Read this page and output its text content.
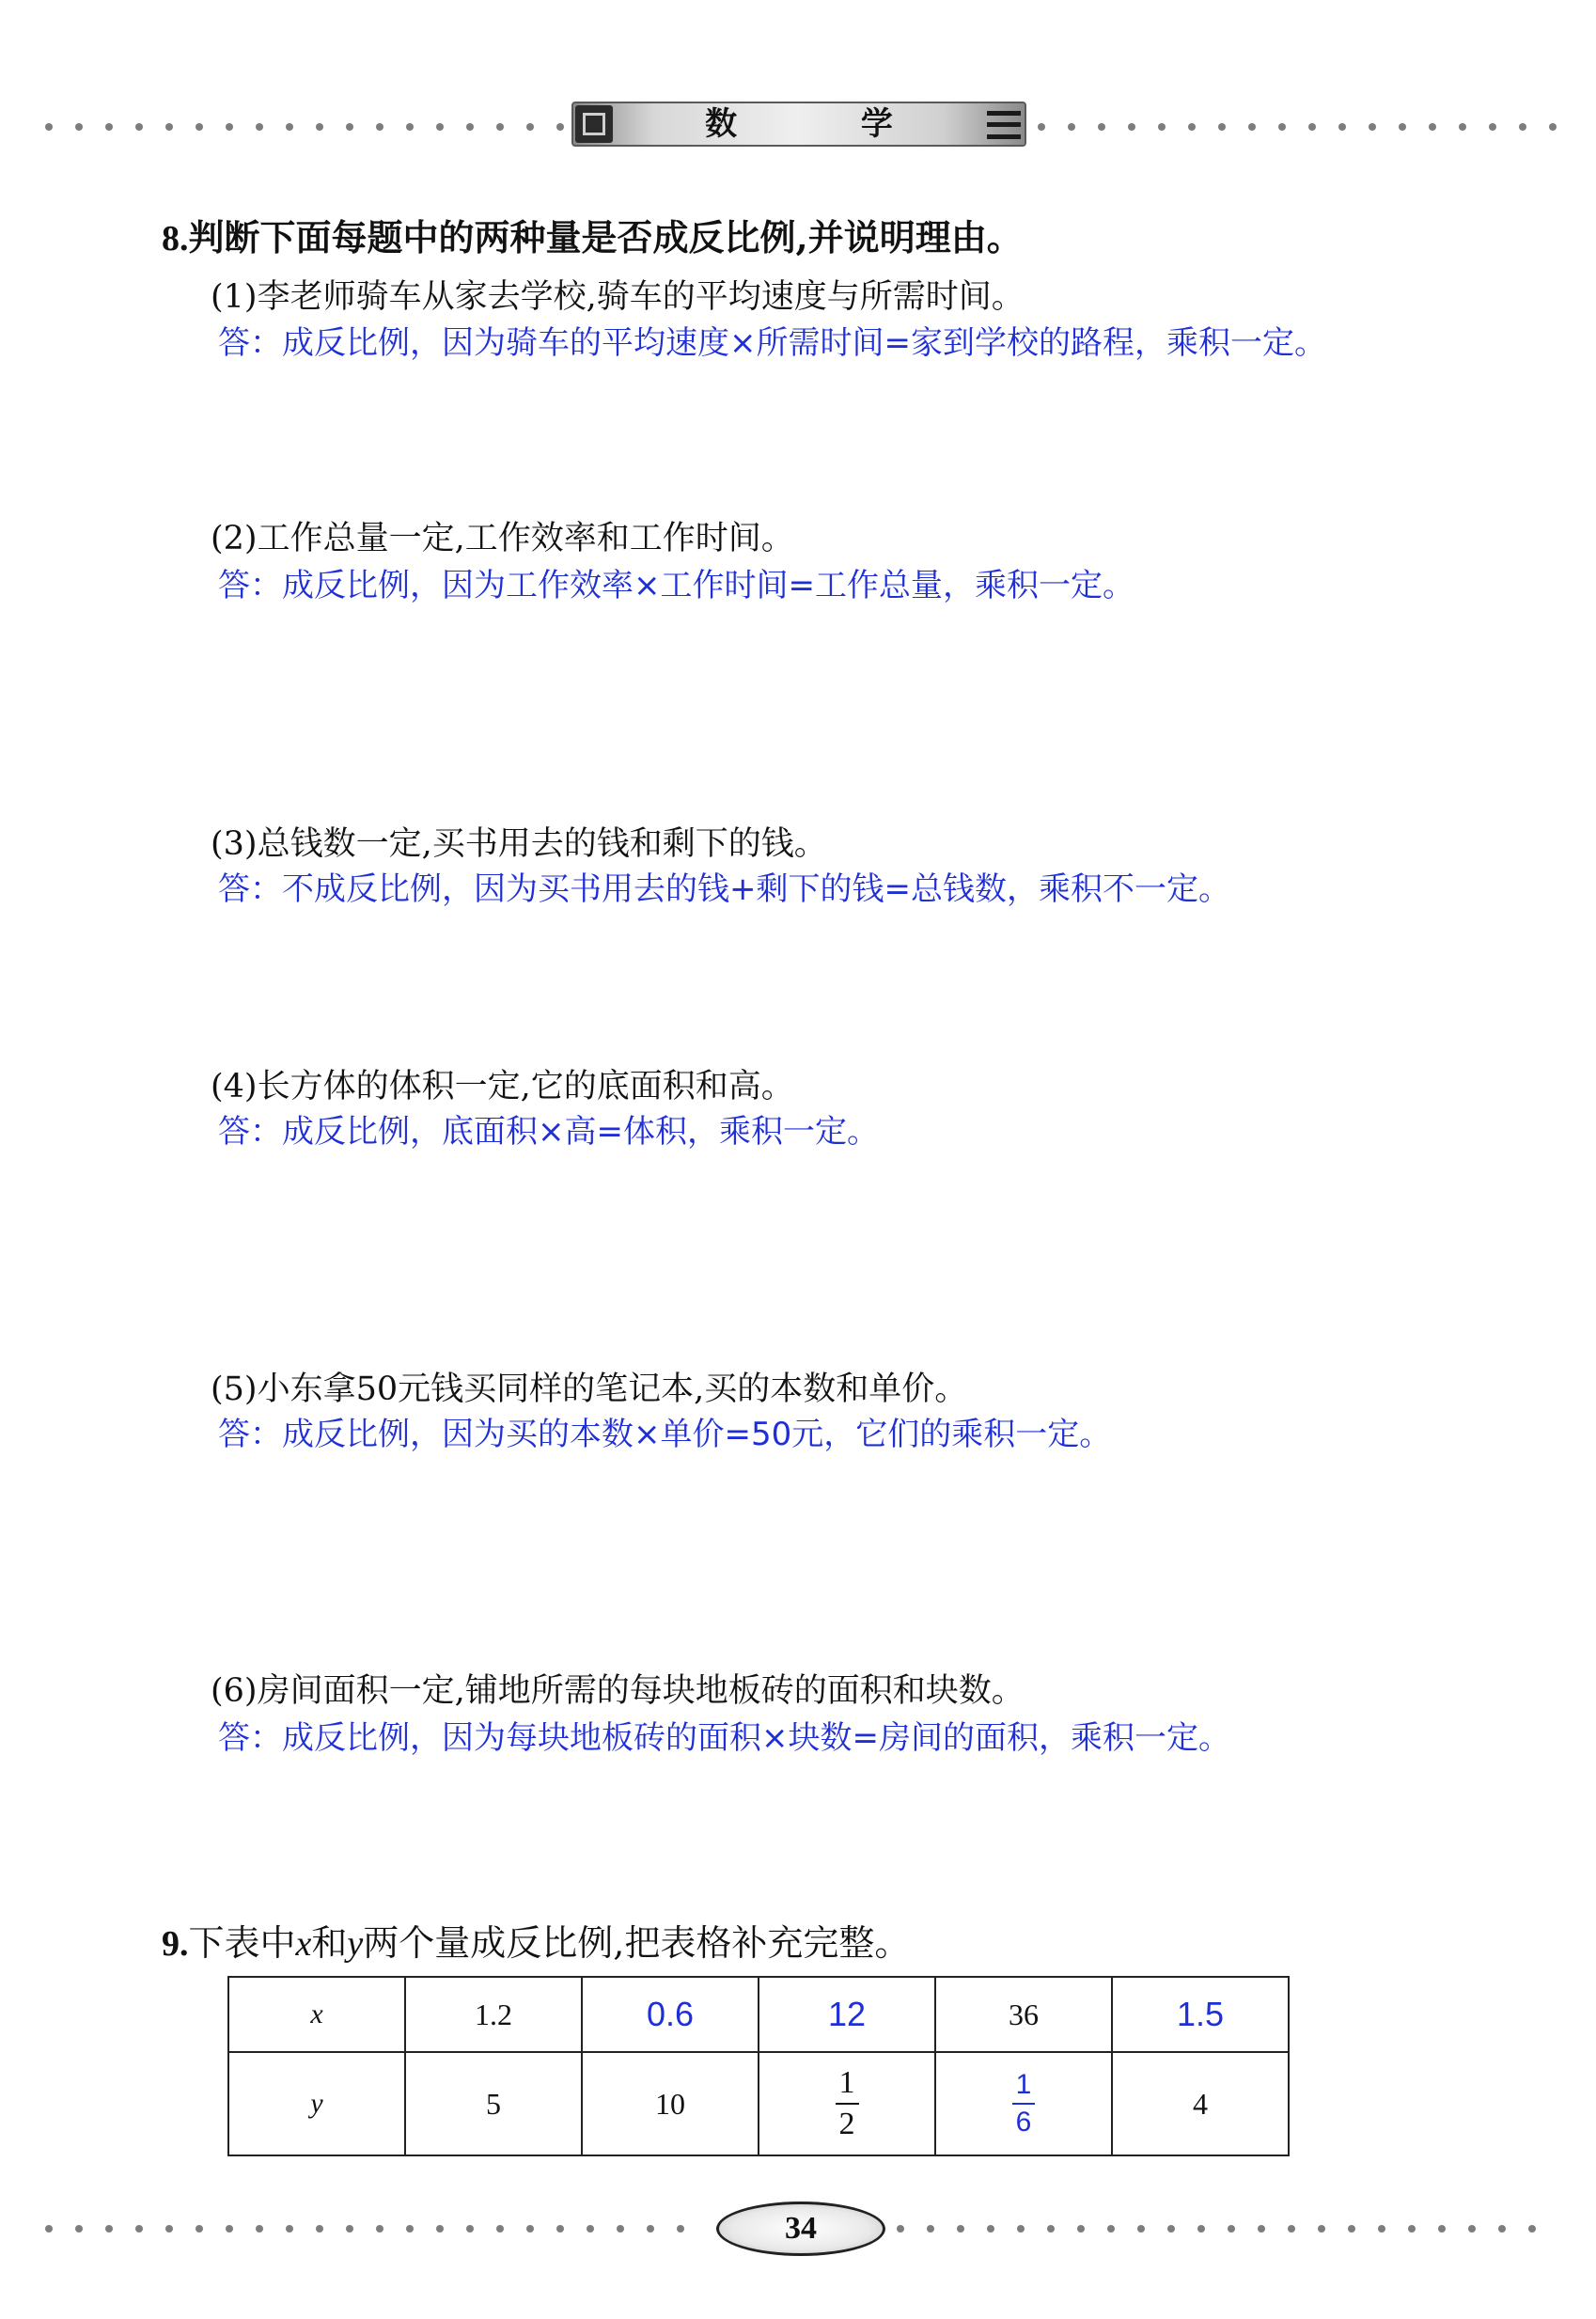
数 学
8.判断下面每题中的两种量是否成反比例,并说明理由。
(1)李老师骑车从家去学校,骑车的平均速度与所需时间。
答：成反比例，因为骑车的平均速度×所需时间=家到学校的路程，乘积一定。
(2)工作总量一定,工作效率和工作时间。
答：成反比例，因为工作效率×工作时间=工作总量，乘积一定。
(3)总钱数一定,买书用去的钱和剩下的钱。
答：不成反比例，因为买书用去的钱+剩下的钱=总钱数，乘积不一定。
(4)长方体的体积一定,它的底面积和高。
答：成反比例，底面积×高=体积，乘积一定。
(5)小东拿50元钱买同样的笔记本,买的本数和单价。
答：成反比例，因为买的本数×单价=50元，它们的乘积一定。
(6)房间面积一定,铺地所需的每块地板砖的面积和块数。
答：成反比例，因为每块地板砖的面积×块数=房间的面积，乘积一定。
9.下表中x和y两个量成反比例,把表格补充完整。
x	1.2	0.6	12	36	1.5
y	5	10	$\frac{1}{2}$	$\frac{1}{6}$	4
34
